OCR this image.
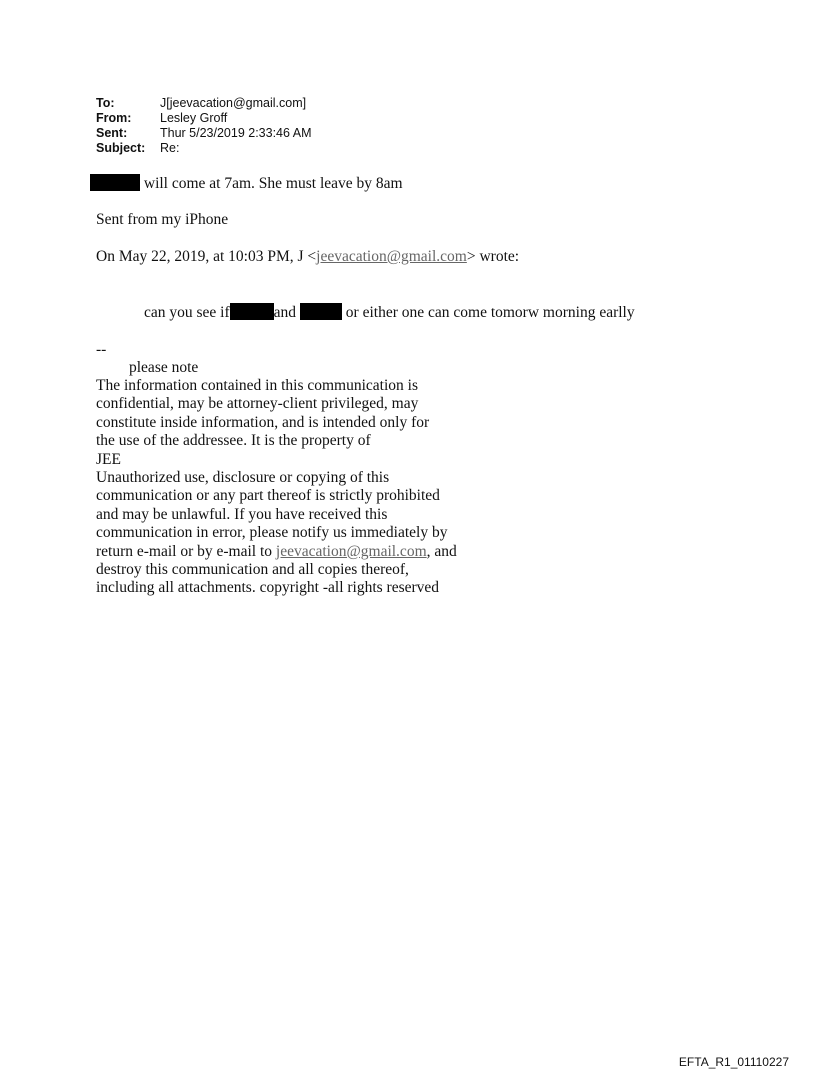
To:	J[jeevacation@gmail.com]
From:	Lesley Groff
Sent:	Thur 5/23/2019 2:33:46 AM
Subject:	Re:
will come at 7am. She must leave by 8am
Sent from my iPhone
On May 22, 2019, at 10:03 PM, J <jeevacation@gmail.com> wrote:
can you see if	and	or either one can come tomorw morning earlly
--
please note
The information contained in this communication is
confidential, may be attorney-client privileged, may
constitute inside information, and is intended only for
the use of the addressee. It is the property of
JEE
Unauthorized use, disclosure or copying of this
communication or any part thereof is strictly prohibited
and may be unlawful. If you have received this
communication in error, please notify us immediately by
return e-mail or by e-mail to jeevacation@gmail.com, and
destroy this communication and all copies thereof,
including all attachments. copyright -all rights reserved
EFTA_R1_01110227
